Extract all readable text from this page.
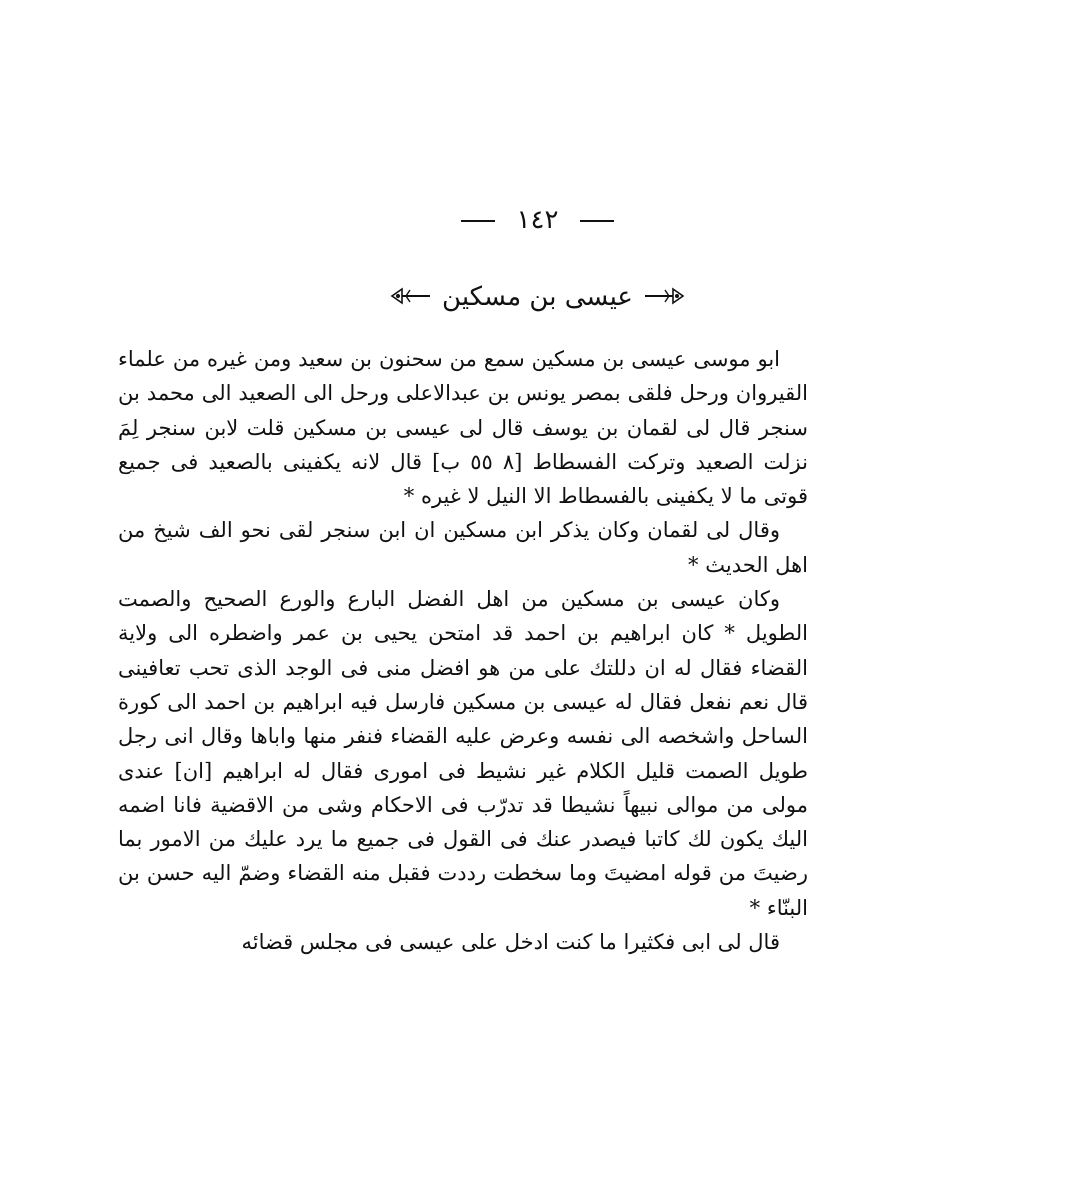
١٤٢
عيسى بن مسكين

ابو موسى عيسى بن مسكين سمع من سحنون بن سعيد ومن غيره من علماء القيروان ورحل فلقى بمصر يونس بن عبدالاعلى ورحل الى الصعيد الى محمد بن سنجر قال لى لقمان بن يوسف قال لى عيسى بن مسكين قلت لابن سنجر لِمَ نزلت الصعيد وتركت الفسطاط [٨ ٥٥ ب] قال لانه يكفينى بالصعيد فى جميع قوتى ما لا يكفينى بالفسطاط الا النيل لا غيره *

وقال لى لقمان وكان يذكر ابن مسكين ان ابن سنجر لقى نحو الف شيخ من اهل الحديث *

وكان عيسى بن مسكين من اهل الفضل البارع والورع الصحيح والصمت الطويل * كان ابراهيم بن احمد قد امتحن يحيى بن عمر واضطره الى ولاية القضاء فقال له ان دللتك على من هو افضل منى فى الوجد الذى تحب تعافينى قال نعم نفعل فقال له عيسى بن مسكين فارسل فيه ابراهيم بن احمد الى كورة الساحل واشخصه الى نفسه وعرض عليه القضاء فنفر منها واباها وقال انى رجل طويل الصمت قليل الكلام غير نشيط فى امورى فقال له ابراهيم [ان] عندى مولى من موالى نبيهاً نشيطا قد تدرّب فى الاحكام وشى من الاقضية فانا اضمه اليك يكون لك كاتبا فيصدر عنك فى القول فى جميع ما يرد عليك من الامور بما رضيتَ من قوله امضيتَ وما سخطت رددت فقبل منه القضاء وضمّ اليه حسن بن البنّاء *

قال لى ابى فكثيرا ما كنت ادخل على عيسى فى مجلس قضائه
